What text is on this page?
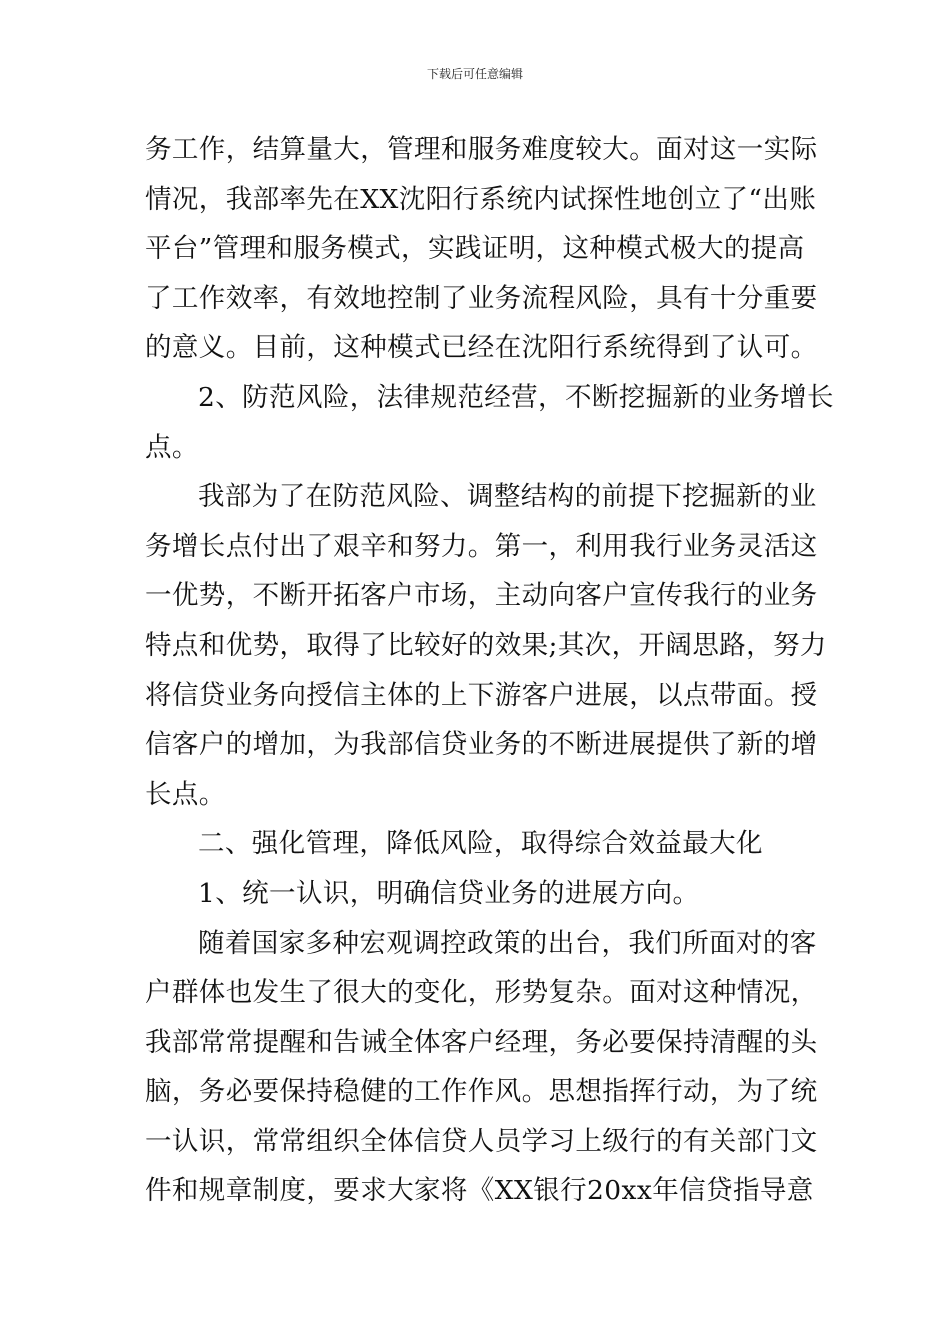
下载后可任意编辑
务工作，结算量大，管理和服务难度较大。面对这一实际
情况，我部率先在XX沈阳行系统内试探性地创立了“出账
平台”管理和服务模式，实践证明，这种模式极大的提高
了工作效率，有效地控制了业务流程风险，具有十分重要
的意义。目前，这种模式已经在沈阳行系统得到了认可。
2、防范风险，法律规范经营，不断挖掘新的业务增长
点。
我部为了在防范风险、调整结构的前提下挖掘新的业
务增长点付出了艰辛和努力。第一，利用我行业务灵活这
一优势，不断开拓客户市场，主动向客户宣传我行的业务
特点和优势，取得了比较好的效果;其次，开阔思路，努力
将信贷业务向授信主体的上下游客户进展，以点带面。授
信客户的增加，为我部信贷业务的不断进展提供了新的增
长点。
二、强化管理，降低风险，取得综合效益最大化
1、统一认识，明确信贷业务的进展方向。
随着国家多种宏观调控政策的出台，我们所面对的客
户群体也发生了很大的变化，形势复杂。面对这种情况，
我部常常提醒和告诫全体客户经理，务必要保持清醒的头
脑，务必要保持稳健的工作作风。思想指挥行动，为了统
一认识，常常组织全体信贷人员学习上级行的有关部门文
件和规章制度，要求大家将《XX银行20xx年信贷指导意
